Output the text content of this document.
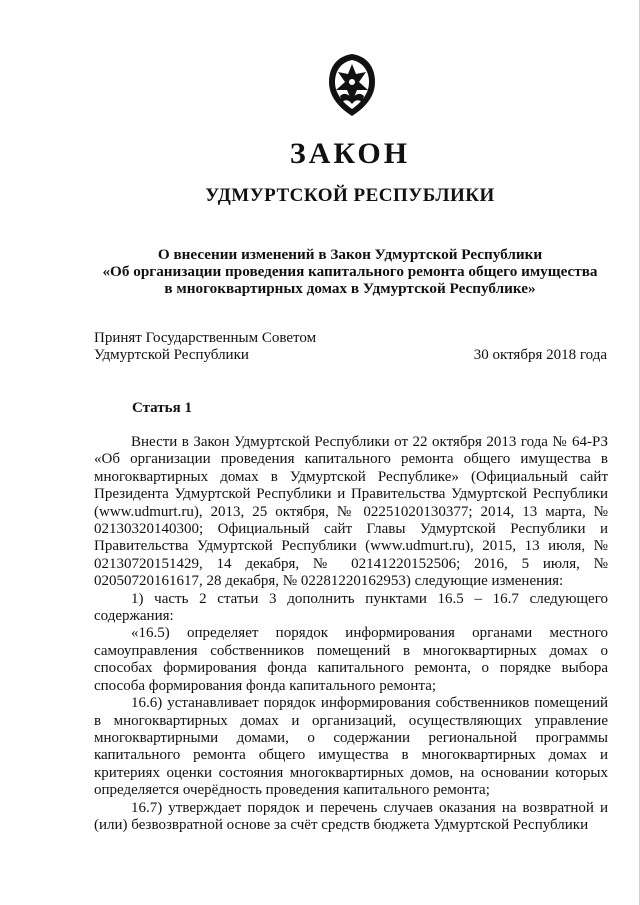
ЗАКОН
УДМУРТСКОЙ РЕСПУБЛИКИ
О внесении изменений в Закон Удмуртской Республики
«Об организации проведения капитального ремонта общего имущества
в многоквартирных домах в Удмуртской Республике»
Принят Государственным Советом
Удмуртской Республики	30 октября 2018 года
Статья 1

Внести в Закон Удмуртской Республики от 22 октября 2013 года № 64-РЗ «Об организации проведения капитального ремонта общего имущества в многоквартирных домах в Удмуртской Республике» (Официальный сайт Президента Удмуртской Республики и Правительства Удмуртской Республики (www.udmurt.ru), 2013, 25 октября, № 02251020130377; 2014, 13 марта, № 02130320140300; Официальный сайт Главы Удмуртской Республики и Правительства Удмуртской Республики (www.udmurt.ru), 2015, 13 июля, № 02130720151429, 14 декабря, № 02141220152506; 2016, 5 июля, № 02050720161617, 28 декабря, № 02281220162953) следующие изменения:

1) часть 2 статьи 3 дополнить пунктами 16.5 – 16.7 следующего содержания:

«16.5) определяет порядок информирования органами местного самоуправления собственников помещений в многоквартирных домах о способах формирования фонда капитального ремонта, о порядке выбора способа формирования фонда капитального ремонта;

16.6) устанавливает порядок информирования собственников помещений в многоквартирных домах и организаций, осуществляющих управление многоквартирными домами, о содержании региональной программы капитального ремонта общего имущества в многоквартирных домах и критериях оценки состояния многоквартирных домов, на основании которых определяется очерёдность проведения капитального ремонта;

16.7) утверждает порядок и перечень случаев оказания на возвратной и (или) безвозвратной основе за счёт средств бюджета Удмуртской Республики
